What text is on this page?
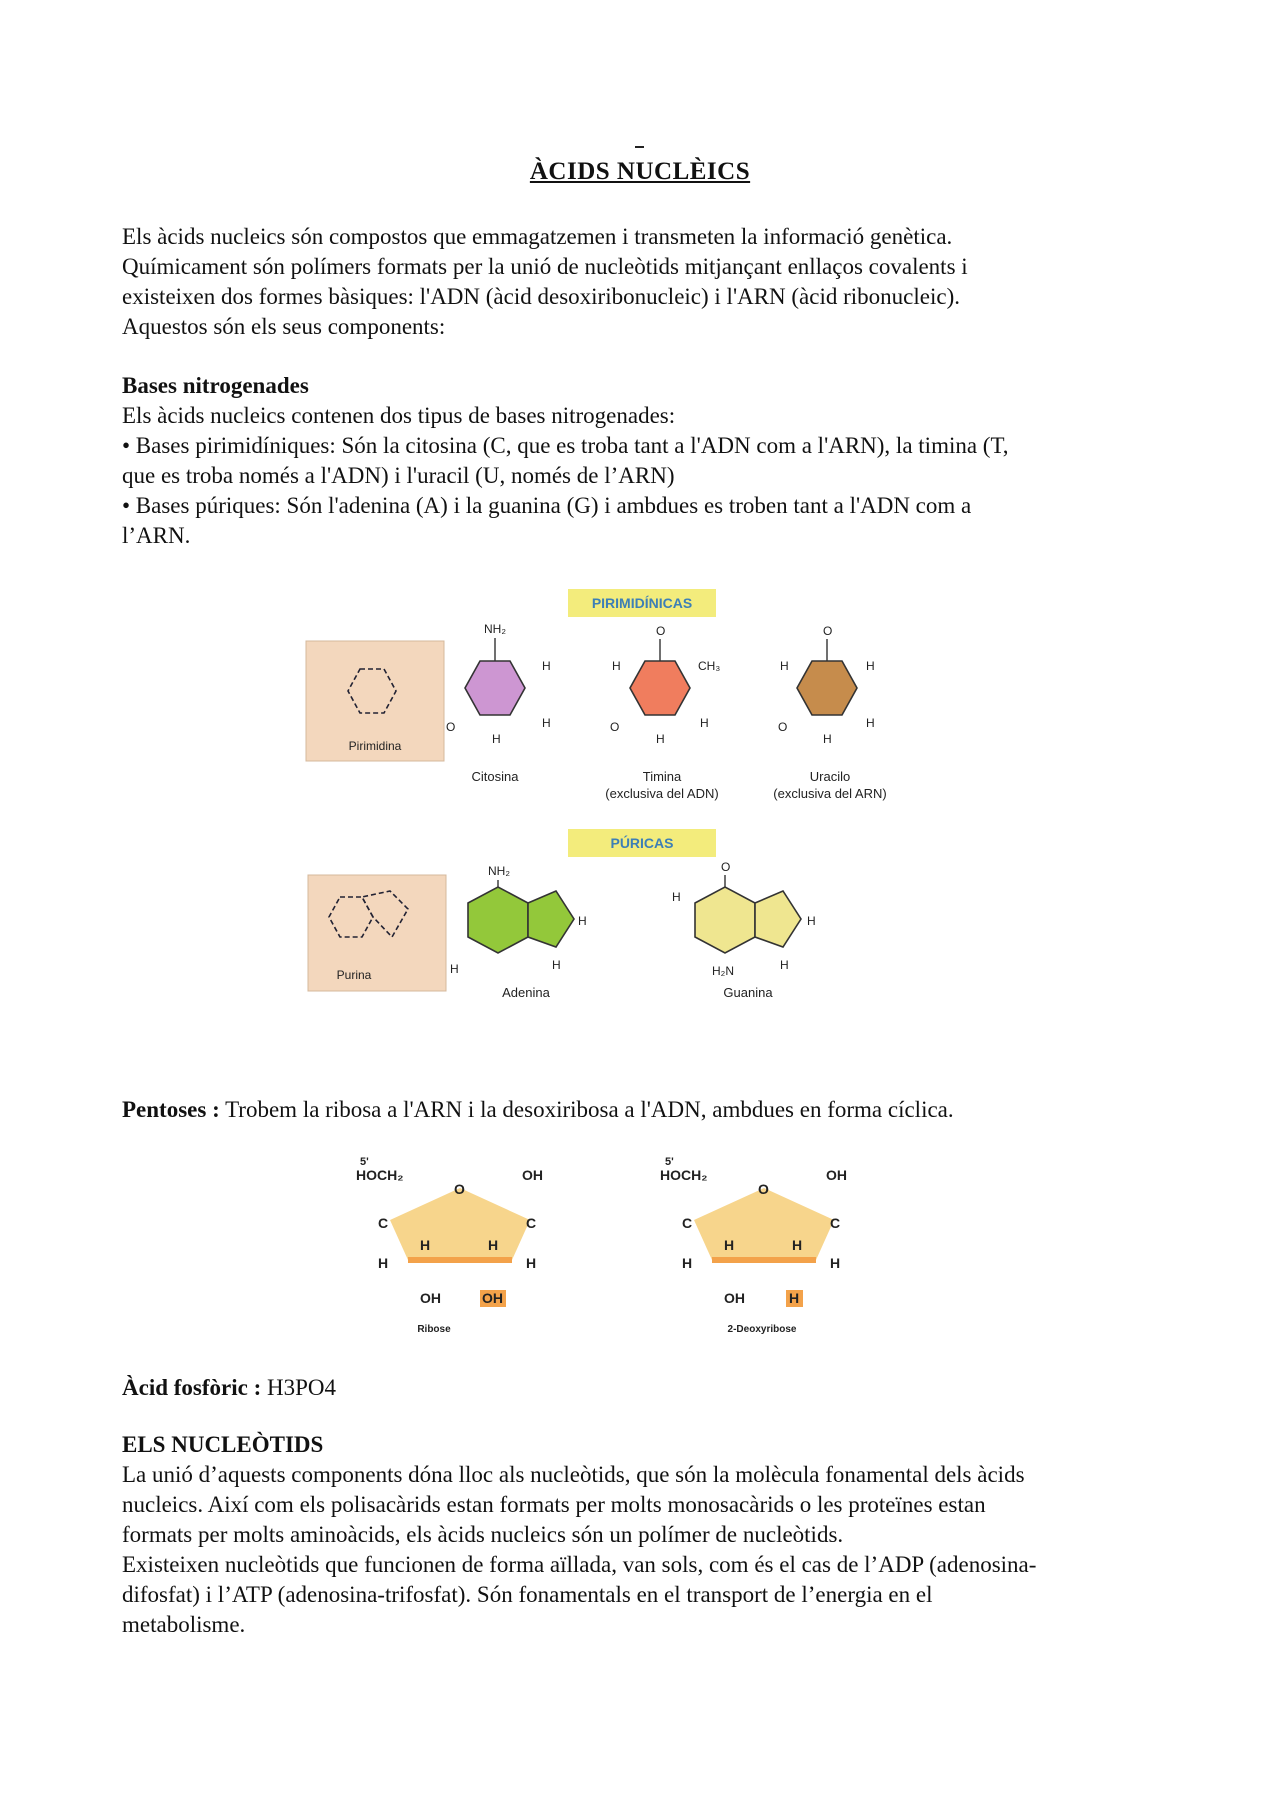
ÀCIDS NUCLÈICS

Els àcids nucleics són compostos que emmagatzemen i transmeten la informació genètica.

Químicament són polímers formats per la unió de nucleòtids mitjançant enllaços covalents i

existeixen dos formes bàsiques: l'ADN (àcid desoxiribonucleic) i l'ARN (àcid ribonucleic).

Aquestos són els seus components:

Bases nitrogenades

Els àcids nucleics contenen dos tipus de bases nitrogenades:

• Bases pirimidíniques: Són la citosina (C, que es troba tant a l'ADN com a l'ARN), la timina (T,

que es troba només a l'ADN) i l'uracil (U, només de l’ARN)

• Bases púriques: Són l'adenina (A) i la guanina (G) i ambdues es troben tant a l'ADN com a

l’ARN.

PIRIMIDÍNICAS
Pirimidina
NH₂
O
H
H
H
Citosina
O
H	CH₃
O	H
H
Timina
(exclusiva del ADN)
O
H	H
O	H
H
Uracilo
(exclusiva del ARN)
PÚRICAS
Purina
NH₂
H
H
H
Adenina
O
H
H₂N
H
H
Guanina

Pentoses : Trobem la ribosa a l'ARN i la desoxiribosa a l'ADN, ambdues en forma cíclica.

5'
HOCH₂
O
OH
C	C
H	H
H	H
OH	OH
Ribose
5'
HOCH₂
O
OH
C	C
H	H
H	H
OH	H
2-Deoxyribose

Àcid fosfòric : H3PO4

ELS NUCLEÒTIDS

La unió d’aquests components dóna lloc als nucleòtids, que són la molècula fonamental dels àcids

nucleics. Així com els polisacàrids estan formats per molts monosacàrids o les proteïnes estan

formats per molts aminoàcids, els àcids nucleics són un polímer de nucleòtids.

Existeixen nucleòtids que funcionen de forma aïllada, van sols, com és el cas de l’ADP (adenosina-

difosfat) i l’ATP (adenosina-trifosfat). Són fonamentals en el transport de l’energia en el

metabolisme.
